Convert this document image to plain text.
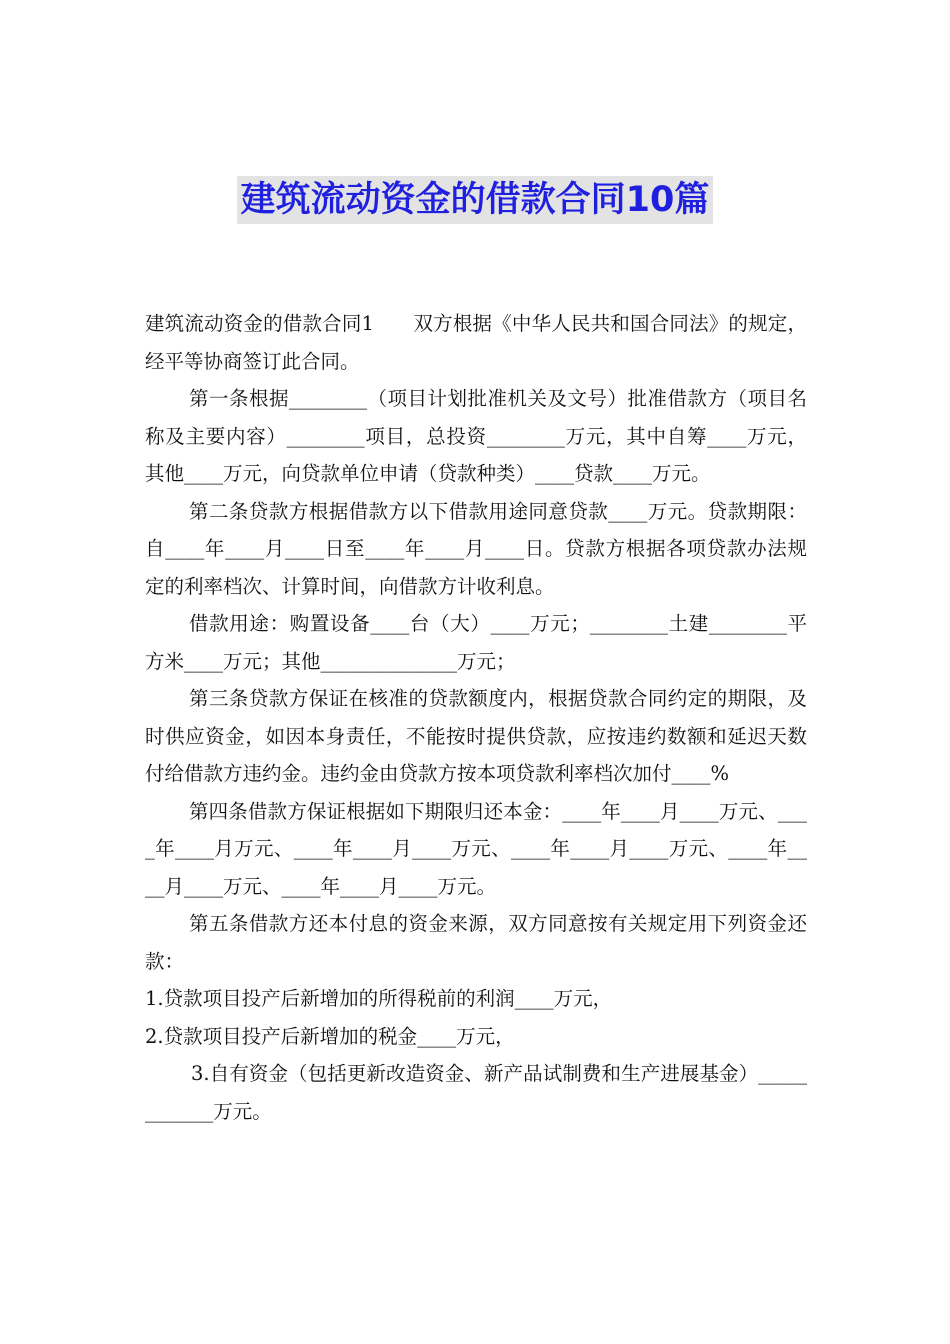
建筑流动资金的借款合同10篇

建筑流动资金的借款合同1　　双方根据《中华人民共和国合同法》的规定，经平等协商签订此合同。

第一条根据________（项目计划批准机关及文号）批准借款方（项目名称及主要内容）________项目，总投资________万元，其中自筹____万元，其他____万元，向贷款单位申请（贷款种类）____贷款____万元。

第二条贷款方根据借款方以下借款用途同意贷款____万元。贷款期限：自____年____月____日至____年____月____日。贷款方根据各项贷款办法规定的利率档次、计算时间，向借款方计收利息。

借款用途：购置设备____台（大）____万元；________土建________平方米____万元；其他______________万元；

第三条贷款方保证在核准的贷款额度内，根据贷款合同约定的期限，及时供应资金，如因本身责任，不能按时提供贷款，应按违约数额和延迟天数付给借款方违约金。违约金由贷款方按本项贷款利率档次加付____%

第四条借款方保证根据如下期限归还本金：____年____月____万元、____年____月万元、____年____月____万元、____年____月____万元、____年____月____万元、____年____月____万元。

第五条借款方还本付息的资金来源，双方同意按有关规定用下列资金还款：

1.贷款项目投产后新增加的所得税前的利润____万元，

2.贷款项目投产后新增加的税金____万元，

3.自有资金（包括更新改造资金、新产品试制费和生产进展基金）____________万元。
